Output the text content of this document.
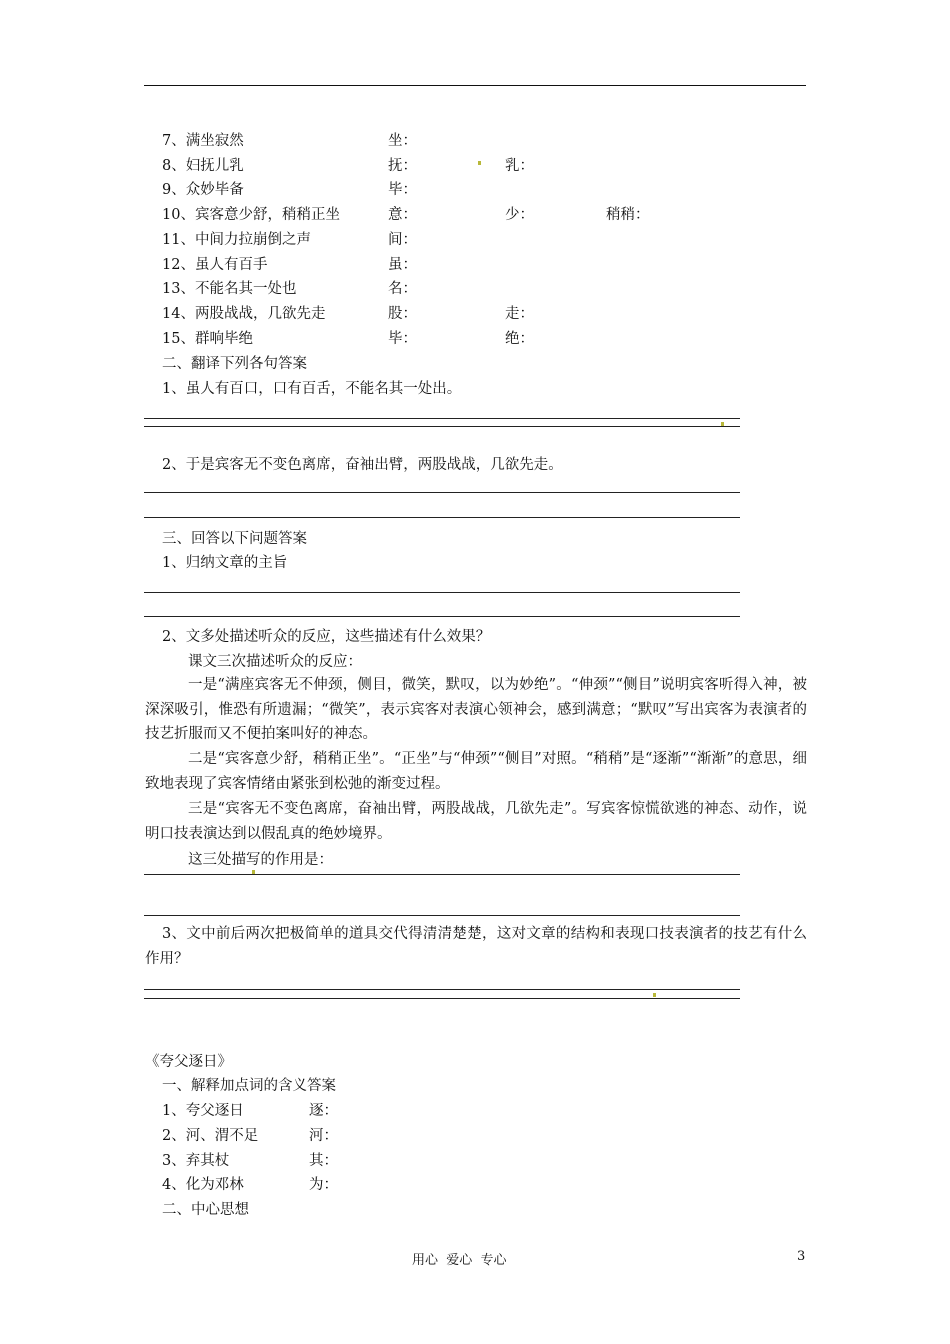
7、满坐寂然	坐：
8、妇抚儿乳	抚：	乳：
9、众妙毕备	毕：
10、宾客意少舒，稍稍正坐	意：	少：	稍稍：
11、中间力拉崩倒之声	间：
12、虽人有百手	虽：
13、不能名其一处也	名：
14、两股战战，几欲先走	股：	走：
15、群响毕绝	毕：	绝：
二、翻译下列各句答案
1、虽人有百口，口有百舌，不能名其一处出。
2、于是宾客无不变色离席，奋袖出臂，两股战战，几欲先走。
三、回答以下问题答案
1、归纳文章的主旨
2、文多处描述听众的反应，这些描述有什么效果？
课文三次描述听众的反应：
一是“满座宾客无不伸颈，侧目，微笑，默叹，以为妙绝”。“伸颈”“侧目”说明宾客听得入神，被深深吸引，惟恐有所遗漏；“微笑”，表示宾客对表演心领神会，感到满意；“默叹”写出宾客为表演者的技艺折服而又不便拍案叫好的神态。
二是“宾客意少舒，稍稍正坐”。“正坐”与“伸颈”“侧目”对照。“稍稍”是“逐渐”“渐渐”的意思，细致地表现了宾客情绪由紧张到松弛的渐变过程。
三是“宾客无不变色离席，奋袖出臂，两股战战，几欲先走”。写宾客惊慌欲逃的神态、动作，说明口技表演达到以假乱真的绝妙境界。
这三处描写的作用是：
3、文中前后两次把极简单的道具交代得清清楚楚，这对文章的结构和表现口技表演者的技艺有什么作用？
《夸父逐日》
一、解释加点词的含义答案
1、夸父逐日	逐：
2、河、渭不足	河：
3、弃其杖	其：
4、化为邓林	为：
二、中心思想
用心  爱心  专心	3
